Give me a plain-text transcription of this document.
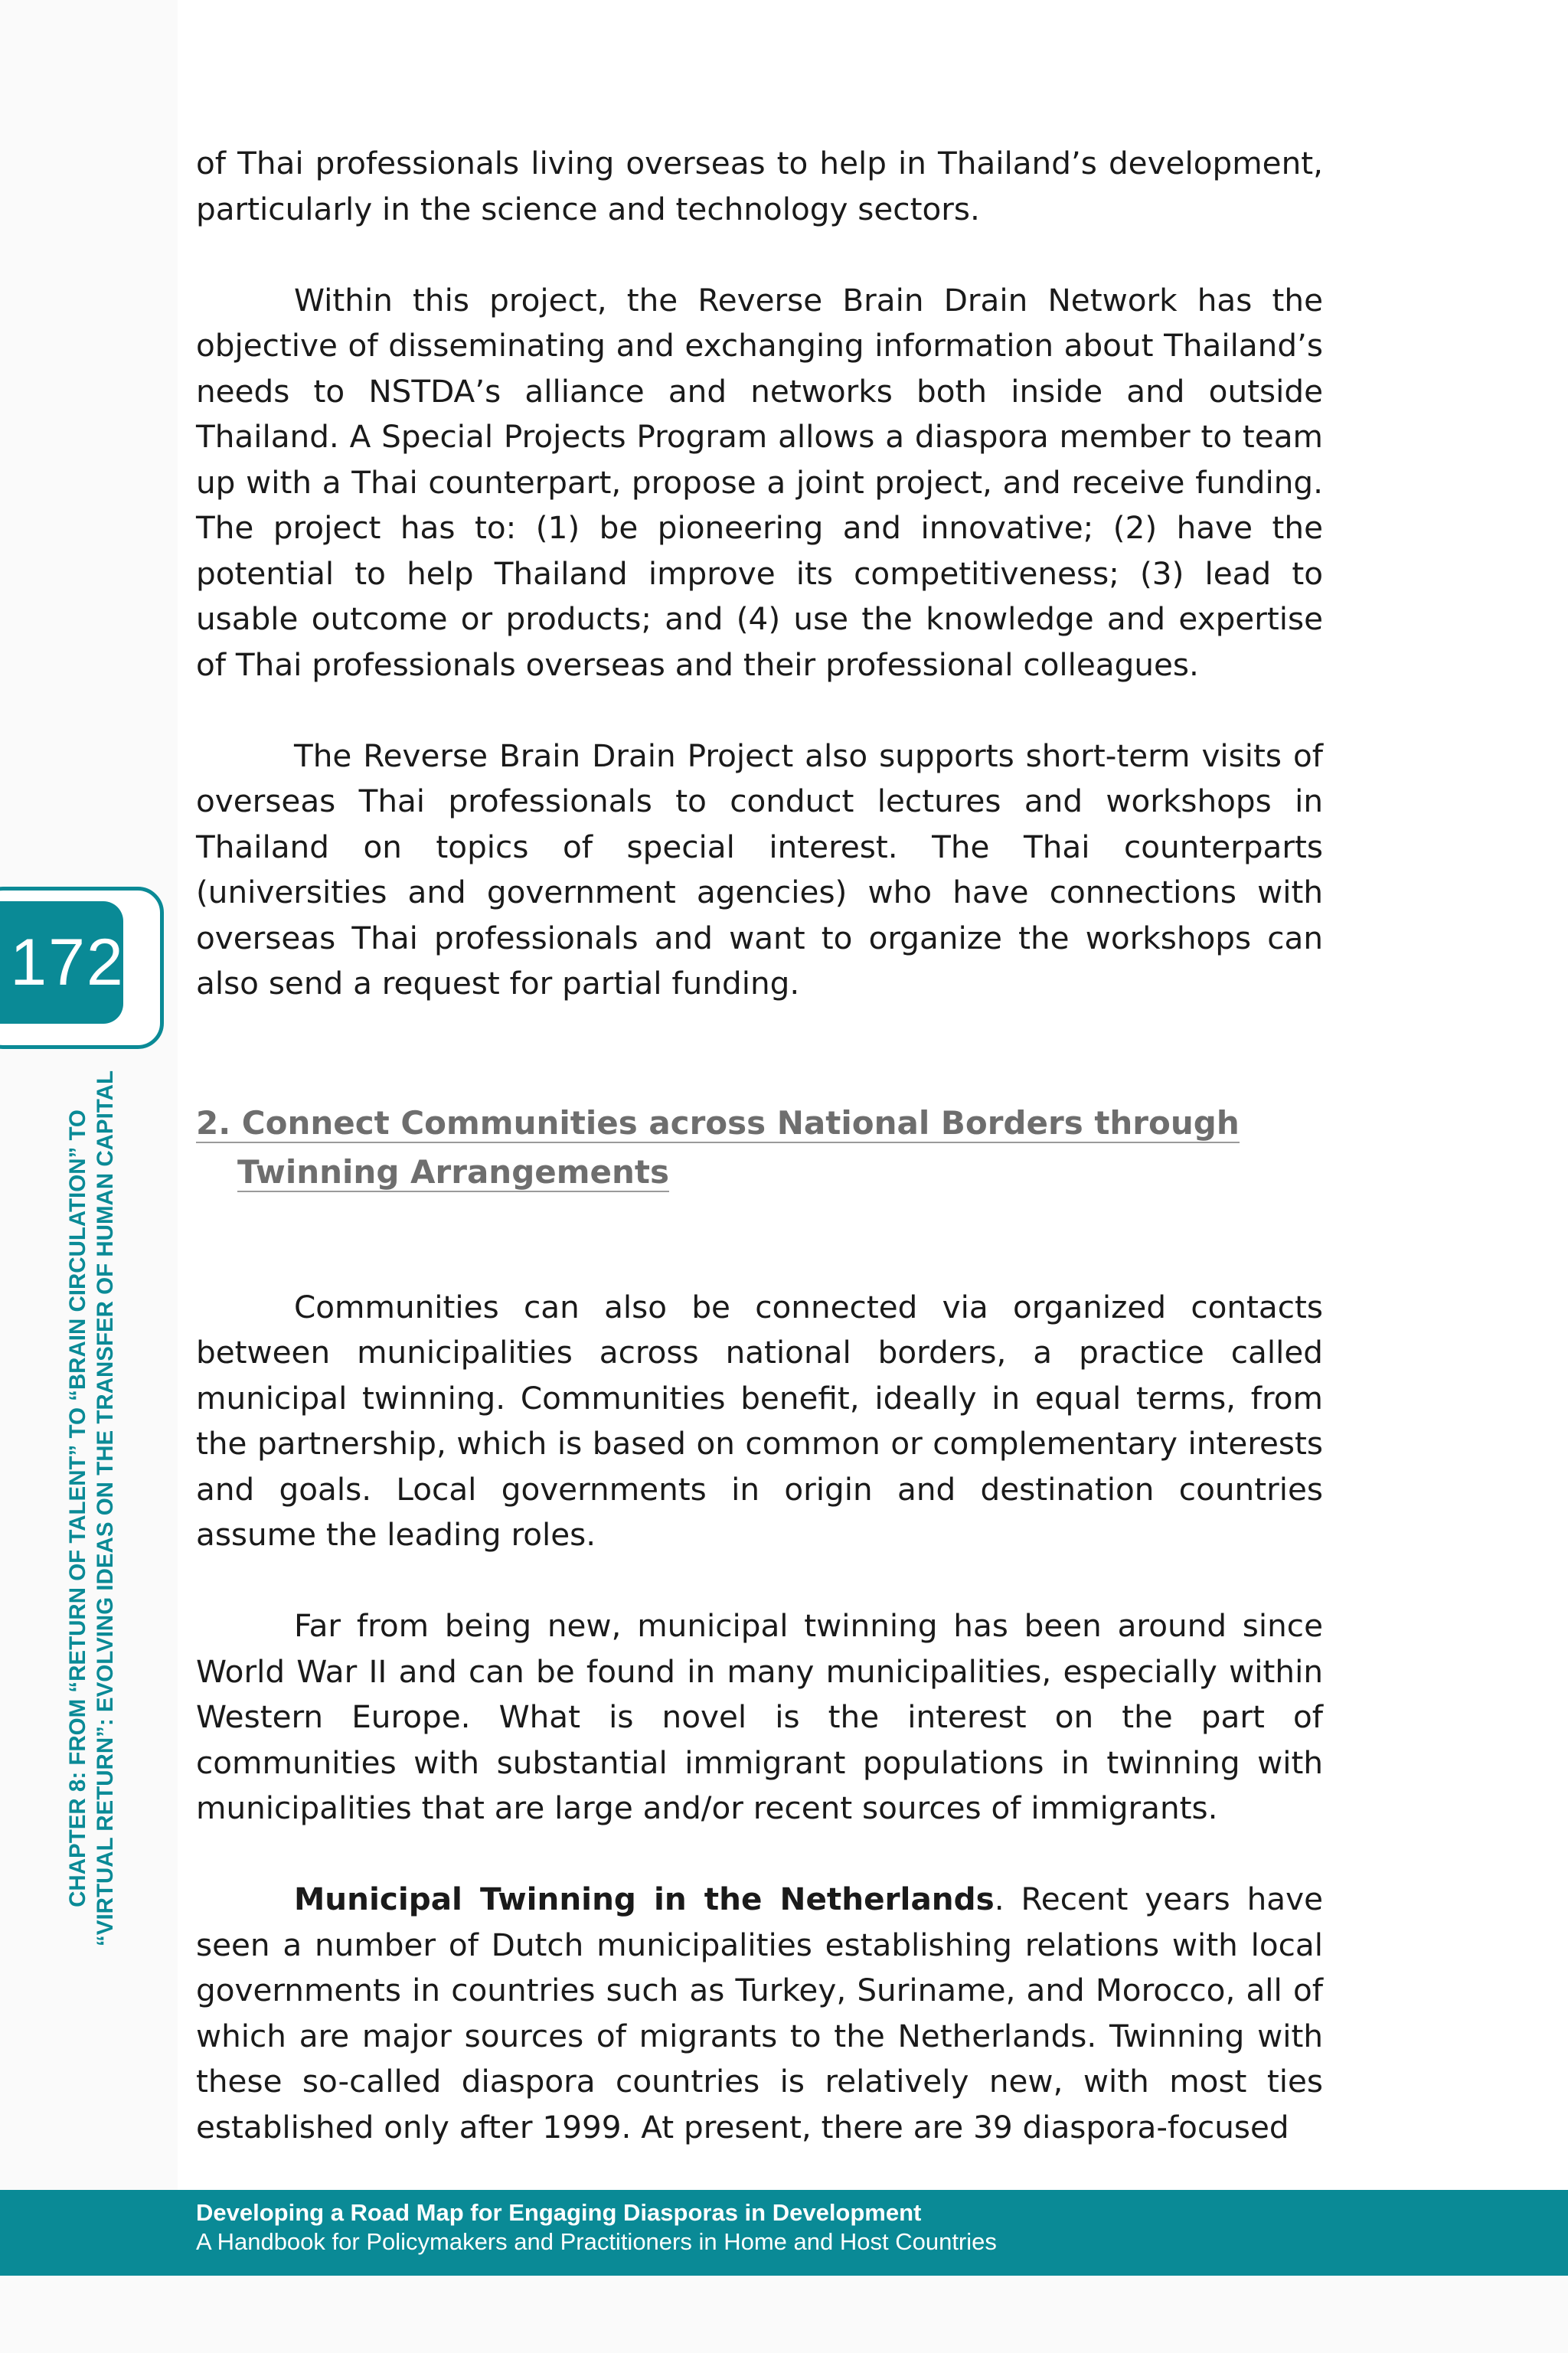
172
CHAPTER 8: FROM “RETURN OF TALENT” TO “BRAIN CIRCULATION” TO “VIRTUAL RETURN”: EVOLVING IDEAS ON THE TRANSFER OF HUMAN CAPITAL

of Thai professionals living overseas to help in Thailand’s development, particularly in the science and technology sectors.

Within this project, the Reverse Brain Drain Network has the objective of disseminating and exchanging information about Thailand’s needs to NSTDA’s alliance and networks both inside and outside Thailand. A Special Projects Program allows a diaspora member to team up with a Thai counterpart, propose a joint project, and receive funding. The project has to: (1) be pioneering and innovative; (2) have the potential to help Thailand improve its competitiveness; (3) lead to usable outcome or products; and (4) use the knowledge and expertise of Thai professionals overseas and their professional colleagues.

The Reverse Brain Drain Project also supports short-term visits of overseas Thai professionals to conduct lectures and workshops in Thailand on topics of special interest. The Thai counterparts (universities and government agencies) who have connections with overseas Thai professionals and want to organize the workshops can also send a request for partial funding.

2. Connect Communities across National Borders through Twinning Arrangements

Communities can also be connected via organized contacts between municipalities across national borders, a practice called municipal twinning. Communities benefit, ideally in equal terms, from the partnership, which is based on common or complementary interests and goals. Local governments in origin and destination countries assume the leading roles.

Far from being new, municipal twinning has been around since World War II and can be found in many municipalities, especially within Western Europe. What is novel is the interest on the part of communities with substantial immigrant populations in twinning with municipalities that are large and/or recent sources of immigrants.

Municipal Twinning in the Netherlands. Recent years have seen a number of Dutch municipalities establishing relations with local governments in countries such as Turkey, Suriname, and Morocco, all of which are major sources of migrants to the Netherlands. Twinning with these so-called diaspora countries is relatively new, with most ties established only after 1999. At present, there are 39 diaspora-focused

Developing a Road Map for Engaging Diasporas in Development
A Handbook for Policymakers and Practitioners in Home and Host Countries
